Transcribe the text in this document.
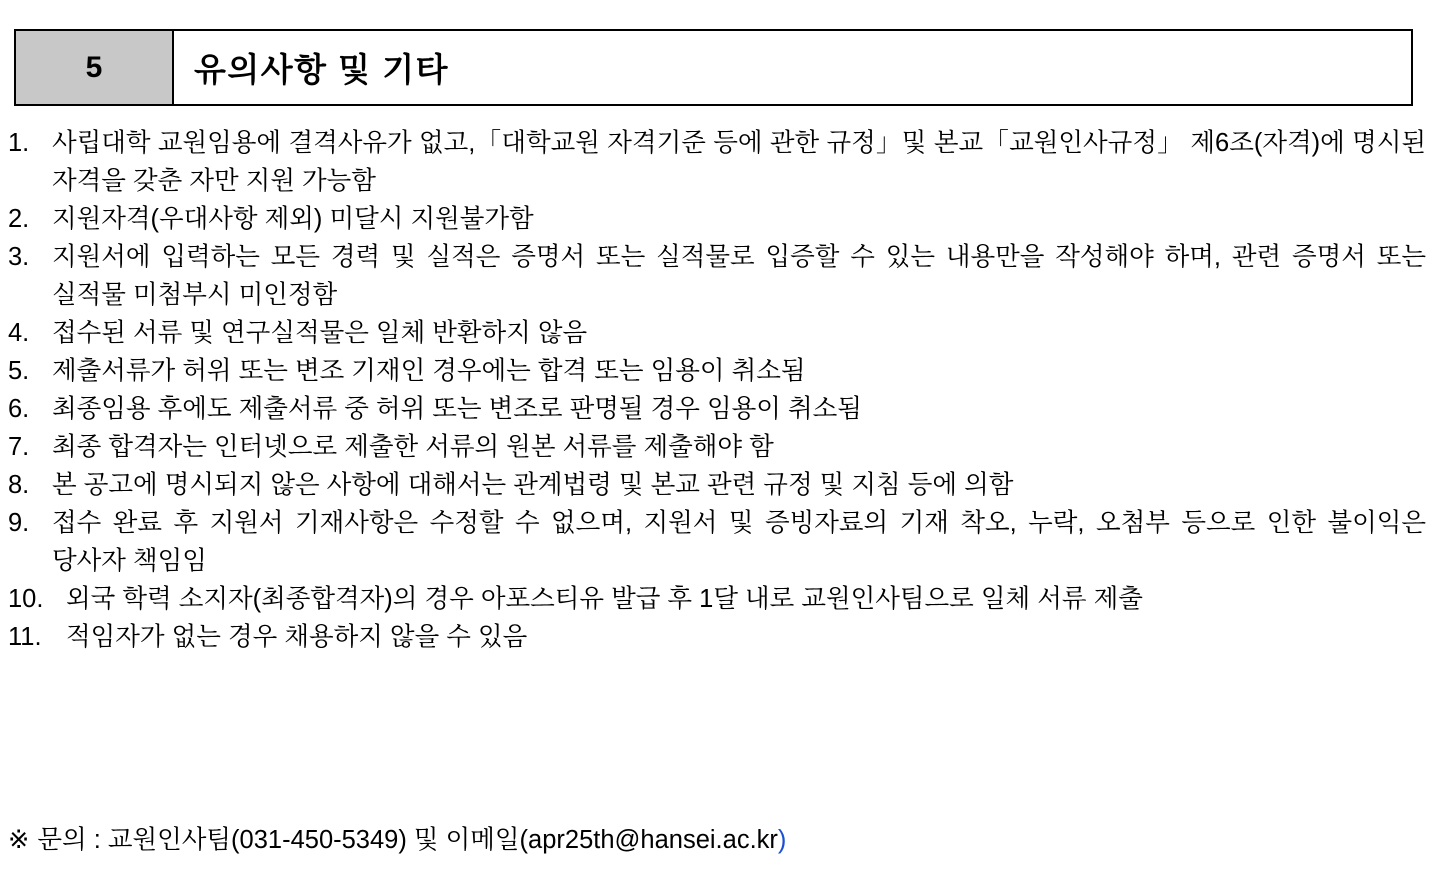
5	유의사항 및 기타
1. 사립대학 교원임용에 결격사유가 없고,「대학교원 자격기준 등에 관한 규정」및 본교「교원인사규정」 제6조(자격)에 명시된 자격을 갖춘 자만 지원 가능함
2. 지원자격(우대사항 제외) 미달시 지원불가함
3. 지원서에 입력하는 모든 경력 및 실적은 증명서 또는 실적물로 입증할 수 있는 내용만을 작성해야 하며, 관련 증명서 또는 실적물 미첨부시 미인정함
4. 접수된 서류 및 연구실적물은 일체 반환하지 않음
5. 제출서류가 허위 또는 변조 기재인 경우에는 합격 또는 임용이 취소됨
6. 최종임용 후에도 제출서류 중 허위 또는 변조로 판명될 경우 임용이 취소됨
7. 최종 합격자는 인터넷으로 제출한 서류의 원본 서류를 제출해야 함
8. 본 공고에 명시되지 않은 사항에 대해서는 관계법령 및 본교 관련 규정 및 지침 등에 의함
9. 접수 완료 후 지원서 기재사항은 수정할 수 없으며, 지원서 및 증빙자료의 기재 착오, 누락, 오첨부 등으로 인한 불이익은 당사자 책임임
10. 외국 학력 소지자(최종합격자)의 경우 아포스티유 발급 후 1달 내로 교원인사팀으로 일체 서류 제출
11. 적임자가 없는 경우 채용하지 않을 수 있음
※ 문의 : 교원인사팀(031-450-5349) 및 이메일(apr25th@hansei.ac.kr)
